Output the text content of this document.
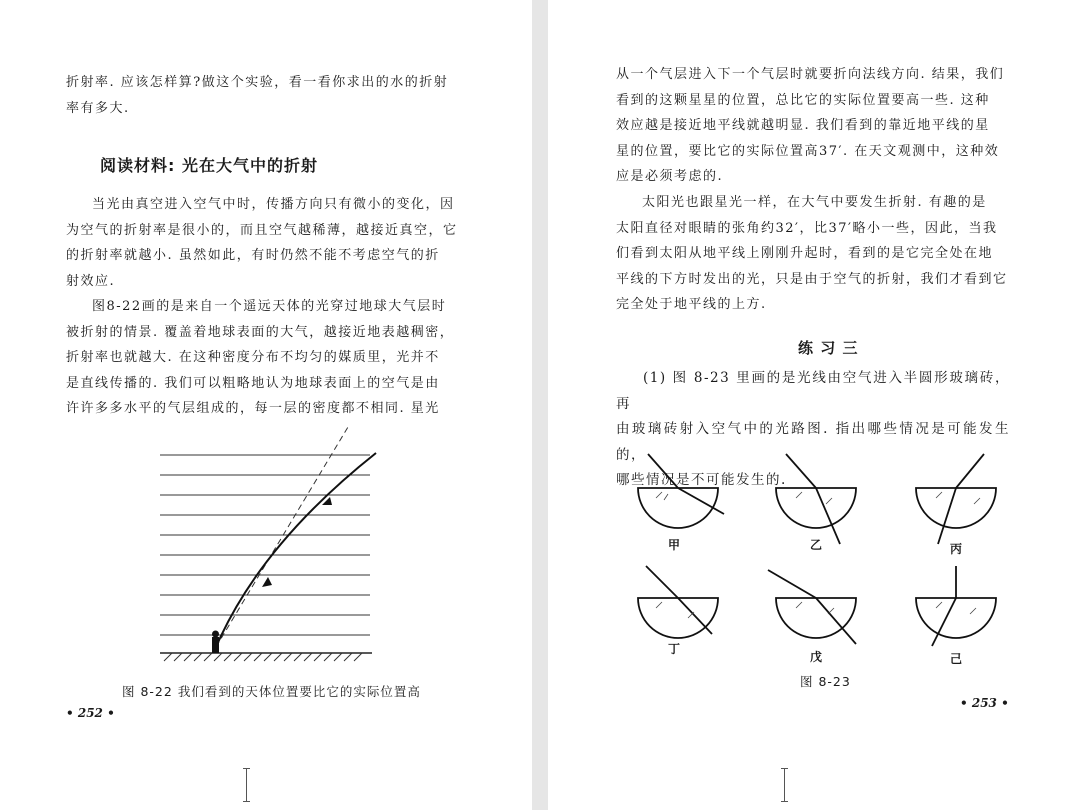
折射率. 应该怎样算?做这个实验，看一看你求出的水的折射

率有多大.

阅读材料: 光在大气中的折射

当光由真空进入空气中时，传播方向只有微小的变化，因

为空气的折射率是很小的，而且空气越稀薄，越接近真空，它

的折射率就越小. 虽然如此，有时仍然不能不考虑空气的折

射效应.

图8-22画的是来自一个遥远天体的光穿过地球大气层时

被折射的情景. 覆盖着地球表面的大气，越接近地表越稠密，

折射率也就越大. 在这种密度分布不均匀的媒质里，光并不

是直线传播的. 我们可以粗略地认为地球表面上的空气是由

许许多多水平的气层组成的，每一层的密度都不相同. 星光

图 8-22 我们看到的天体位置要比它的实际位置高
• 252 •

从一个气层进入下一个气层时就要折向法线方向. 结果，我们

看到的这颗星星的位置，总比它的实际位置要高一些. 这种

效应越是接近地平线就越明显. 我们看到的靠近地平线的星

星的位置，要比它的实际位置高37′. 在天文观测中，这种效

应是必须考虑的.

太阳光也跟星光一样，在大气中要发生折射. 有趣的是

太阳直径对眼睛的张角约32′，比37′略小一些，因此，当我

们看到太阳从地平线上刚刚升起时，看到的是它完全处在地

平线的下方时发出的光，只是由于空气的折射，我们才看到它

完全处于地平线的上方.

练 习 三

(1) 图 8-23 里画的是光线由空气进入半圆形玻璃砖，再

由玻璃砖射入空气中的光路图. 指出哪些情况是可能发生的，

哪些情况是不可能发生的.

甲	乙	丙
丁
戊	己
图 8-23
• 253 •
